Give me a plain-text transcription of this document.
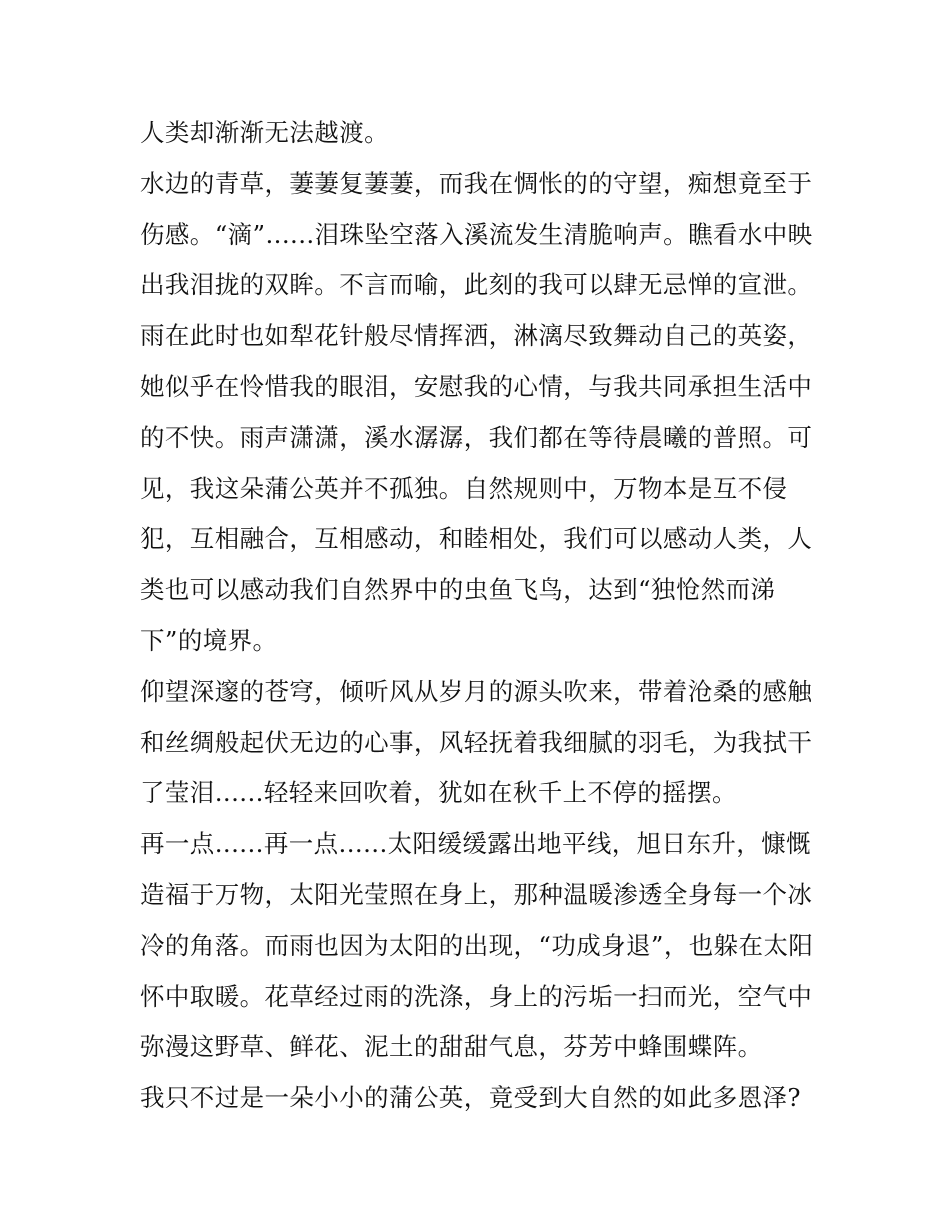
人类却渐渐无法越渡。
水边的青草，萋萋复萋萋，而我在惆怅的的守望，痴想竟至于
伤感。“滴”......泪珠坠空落入溪流发生清脆响声。瞧看水中映
出我泪拢的双眸。不言而喻，此刻的我可以肆无忌惮的宣泄。
雨在此时也如犁花针般尽情挥洒，淋漓尽致舞动自己的英姿，
她似乎在怜惜我的眼泪，安慰我的心情，与我共同承担生活中
的不快。雨声潇潇，溪水潺潺，我们都在等待晨曦的普照。可
见，我这朵蒲公英并不孤独。自然规则中，万物本是互不侵
犯，互相融合，互相感动，和睦相处，我们可以感动人类，人
类也可以感动我们自然界中的虫鱼飞鸟，达到“独怆然而涕
下”的境界。
仰望深邃的苍穹，倾听风从岁月的源头吹来，带着沧桑的感触
和丝绸般起伏无边的心事，风轻抚着我细腻的羽毛，为我拭干
了莹泪......轻轻来回吹着，犹如在秋千上不停的摇摆。
再一点......再一点......太阳缓缓露出地平线，旭日东升，慷慨
造福于万物，太阳光莹照在身上，那种温暖渗透全身每一个冰
冷的角落。而雨也因为太阳的出现，“功成身退”，也躲在太阳
怀中取暖。花草经过雨的洗涤，身上的污垢一扫而光，空气中
弥漫这野草、鲜花、泥土的甜甜气息，芬芳中蜂围蝶阵。
我只不过是一朵小小的蒲公英，竟受到大自然的如此多恩泽?
